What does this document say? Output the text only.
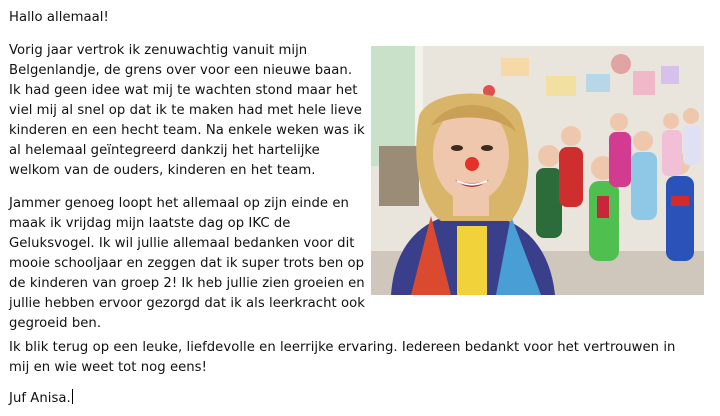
Hallo allemaal!
Vorig jaar vertrok ik zenuwachtig vanuit mijn
Belgenlandje, de grens over voor een nieuwe baan.
Ik had geen idee wat mij te wachten stond maar het
viel mij al snel op dat ik te maken had met hele lieve
kinderen en een hecht team. Na enkele weken was ik
al helemaal geïntegreerd dankzij het hartelijke
welkom van de ouders, kinderen en het team.
Jammer genoeg loopt het allemaal op zijn einde en
maak ik vrijdag mijn laatste dag op IKC de
Geluksvogel. Ik wil jullie allemaal bedanken voor dit
mooie schooljaar en zeggen dat ik super trots ben op
de kinderen van groep 2! Ik heb jullie zien groeien en
jullie hebben ervoor gezorgd dat ik als leerkracht ook
gegroeid ben.
Ik blik terug op een leuke, liefdevolle en leerrijke ervaring. Iedereen bedankt voor het vertrouwen in
mij en wie weet tot nog eens!
Juf Anisa.
